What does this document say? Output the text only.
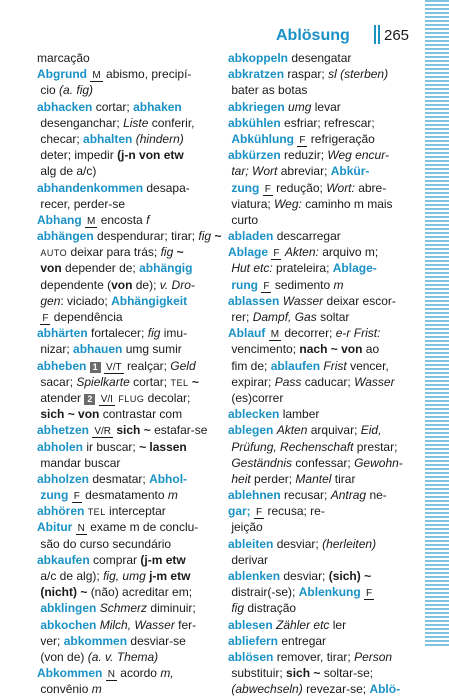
Ablösung 265
marcação
Abgrund M abismo, precipí-
cio (a. fig)
abhacken cortar; abhaken
desenganchar; Liste conferir,
checar; abhalten (hindern)
deter; impedir (j-n von etw
alg de a/c)
abhandenkommen desapa-
recer, perder-se
Abhang M encosta f
abhängen despendurar; tirar; fig ~
AUTO deixar para trás; fig ~
von depender de; abhängig
dependente (von de); v. Dro-
gen: viciado; Abhängigkeit
F dependência
abhärten fortalecer; fig imu-
nizar; abhauen umg sumir
abheben 1 V/T realçar; Geld
sacar; Spielkarte cortar; TEL ~
atender 2 V/I FLUG decolar;
sich ~ von contrastar com
abhetzen V/R sich ~ estafar-se
abholen ir buscar; ~ lassen
mandar buscar
abholzen desmatar; Abhol-
zung F desmatamento m
abhören TEL interceptar
Abitur N exame m de conclu-
são do curso secundário
abkaufen comprar (j-m etw
a/c de alg); fig, umg j-m etw
(nicht) ~ (não) acreditar em;
abklingen Schmerz diminuir;
abkochen Milch, Wasser fer-
ver; abkommen desviar-se
(von de) (a. v. Thema)
Abkommen N acordo m,
convênio m
abkoppeln desengatar
abkratzen raspar; sl (sterben)
bater as botas
abkriegen umg levar
abkühlen esfriar; refrescar;
Abkühlung F refrigeração
abkürzen reduzir; Weg encur-
tar; Wort abreviar; Abkür-
zung F redução; Wort: abre-
viatura; Weg: caminho m mais
curto
abladen descarregar
Ablage F Akten: arquivo m;
Hut etc: prateleira; Ablage-
rung F sedimento m
ablassen Wasser deixar escor-
rer; Dampf, Gas soltar
Ablauf M decorrer; e-r Frist:
vencimento; nach ~ von ao
fim de; ablaufen Frist vencer,
expirar; Pass caducar; Wasser
(es)correr
ablecken lamber
ablegen Akten arquivar; Eid,
Prüfung, Rechenschaft prestar;
Geständnis confessar; Gewohn-
heit perder; Mantel tirar
ablehnen recusar; Antrag ne-
gar; F recusa; re-
jeição
ableiten desviar; (herleiten)
derivar
ablenken desviar; (sich) ~
distrair(-se); Ablenkung F
fig distração
ablesen Zähler etc ler
abliefern entregar
ablösen remover, tirar; Person
substituir; sich ~ soltar-se;
(abwechseln) revezar-se; Ablö-
